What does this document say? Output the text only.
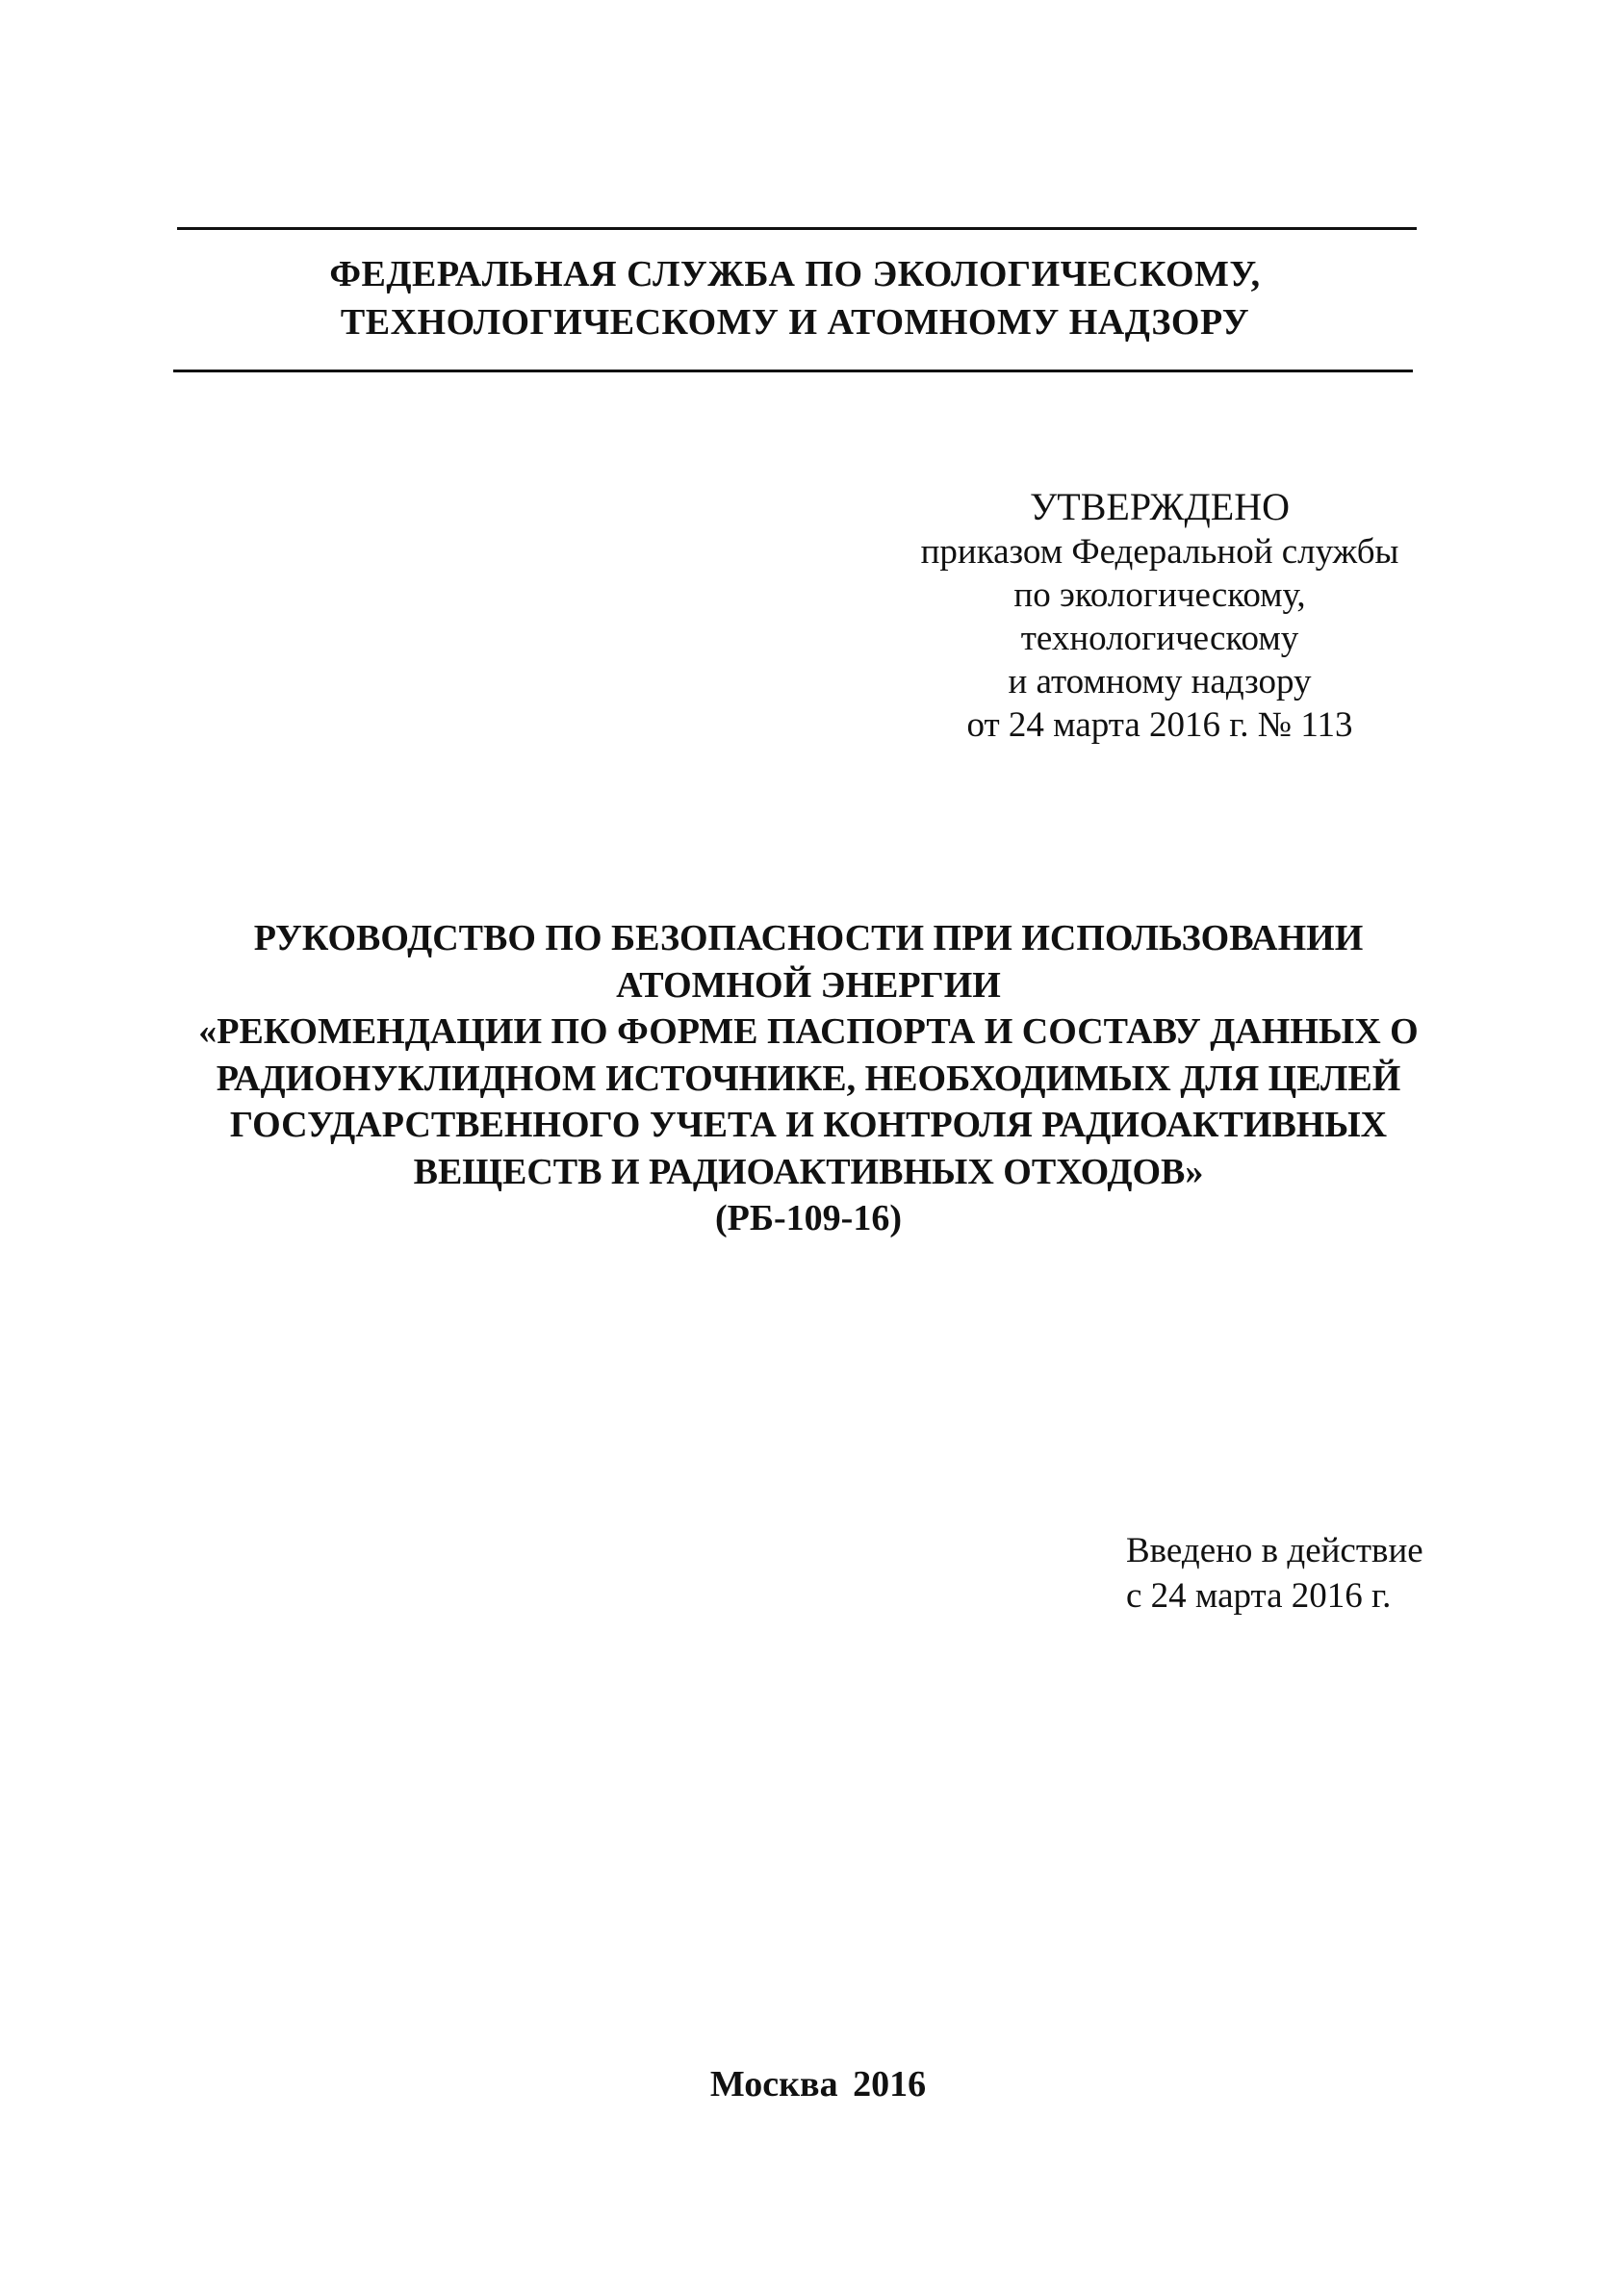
ФЕДЕРАЛЬНАЯ СЛУЖБА ПО ЭКОЛОГИЧЕСКОМУ,
ТЕХНОЛОГИЧЕСКОМУ И АТОМНОМУ НАДЗОРУ
УТВЕРЖДЕНО
приказом Федеральной службы
по экологическому,
технологическому
и атомному надзору
от 24 марта 2016 г. № 113
РУКОВОДСТВО ПО БЕЗОПАСНОСТИ ПРИ ИСПОЛЬЗОВАНИИ
АТОМНОЙ ЭНЕРГИИ
«РЕКОМЕНДАЦИИ ПО ФОРМЕ ПАСПОРТА И СОСТАВУ ДАННЫХ О
РАДИОНУКЛИДНОМ ИСТОЧНИКЕ, НЕОБХОДИМЫХ ДЛЯ ЦЕЛЕЙ
ГОСУДАРСТВЕННОГО УЧЕТА И КОНТРОЛЯ РАДИОАКТИВНЫХ
ВЕЩЕСТВ И РАДИОАКТИВНЫХ ОТХОДОВ»
(РБ-109-16)
Введено в действие
с 24 марта 2016 г.
Москва 2016
